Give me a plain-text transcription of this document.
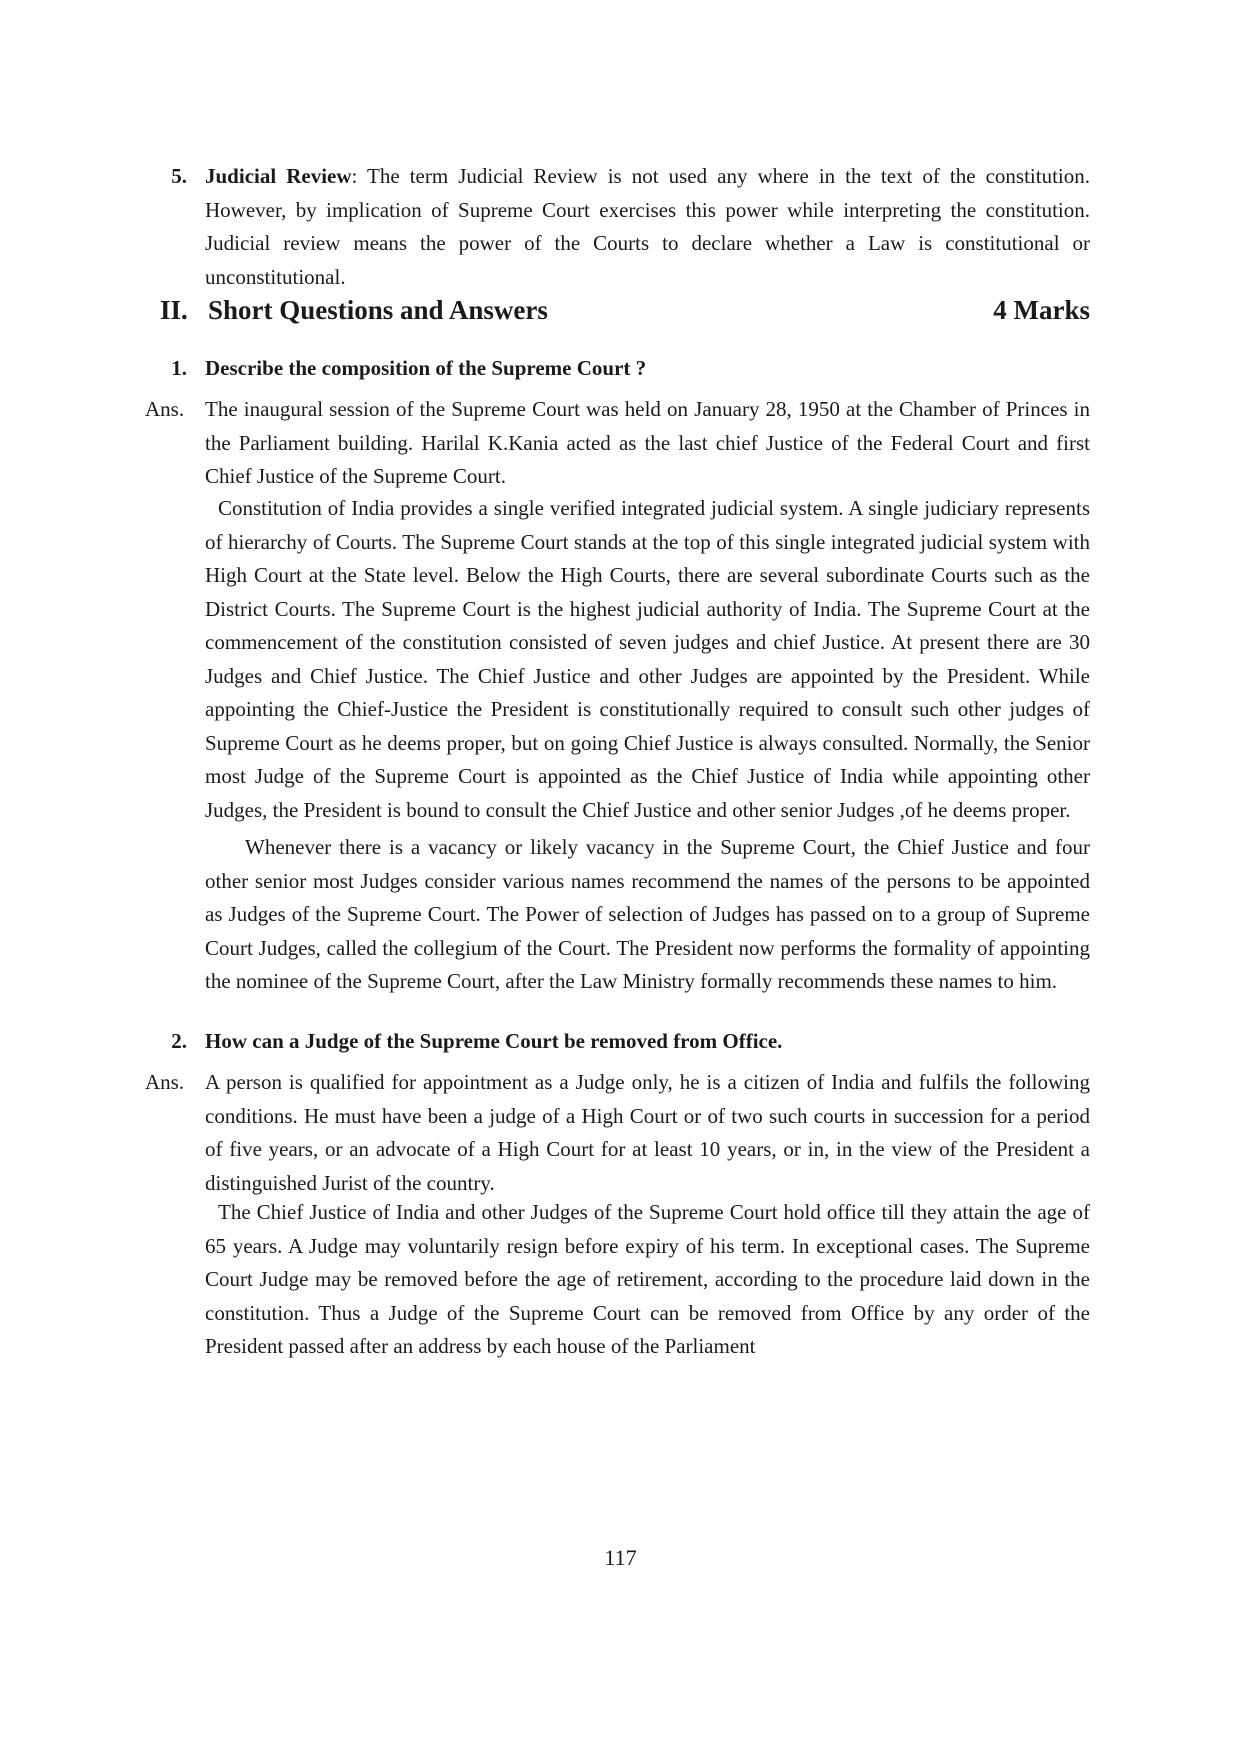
5. Judicial Review: The term Judicial Review is not used any where in the text of the constitution. However, by implication of Supreme Court exercises this power while interpreting the constitution. Judicial review means the power of the Courts to declare whether a Law is constitutional or unconstitutional.
II. Short Questions and Answers	4 Marks
1. Describe the composition of the Supreme Court ?
Ans. The inaugural session of the Supreme Court was held on January 28, 1950 at the Chamber of Princes in the Parliament building. Harilal K.Kania acted as the last chief Justice of the Federal Court and first Chief Justice of the Supreme Court.
Constitution of India provides a single verified integrated judicial system. A single judiciary represents of hierarchy of Courts. The Supreme Court stands at the top of this single integrated judicial system with High Court at the State level. Below the High Courts, there are several subordinate Courts such as the District Courts. The Supreme Court is the highest judicial authority of India. The Supreme Court at the commencement of the constitution consisted of seven judges and chief Justice. At present there are 30 Judges and Chief Justice. The Chief Justice and other Judges are appointed by the President. While appointing the Chief-Justice the President is constitutionally required to consult such other judges of Supreme Court as he deems proper, but on going Chief Justice is always consulted. Normally, the Senior most Judge of the Supreme Court is appointed as the Chief Justice of India while appointing other Judges, the President is bound to consult the Chief Justice and other senior Judges ,of he deems proper.
Whenever there is a vacancy or likely vacancy in the Supreme Court, the Chief Justice and four other senior most Judges consider various names recommend the names of the persons to be appointed as Judges of the Supreme Court. The Power of selection of Judges has passed on to a group of Supreme Court Judges, called the collegium of the Court. The President now performs the formality of appointing the nominee of the Supreme Court, after the Law Ministry formally recommends these names to him.
2. How can a Judge of the Supreme Court be removed from Office.
Ans. A person is qualified for appointment as a Judge only, he is a citizen of India and fulfils the following conditions. He must have been a judge of a High Court or of two such courts in succession for a period of five years, or an advocate of a High Court for at least 10 years, or in, in the view of the President a distinguished Jurist of the country.
The Chief Justice of India and other Judges of the Supreme Court hold office till they attain the age of 65 years. A Judge may voluntarily resign before expiry of his term. In exceptional cases. The Supreme Court Judge may be removed before the age of retirement, according to the procedure laid down in the constitution. Thus a Judge of the Supreme Court can be removed from Office by any order of the President passed after an address by each house of the Parliament
117
